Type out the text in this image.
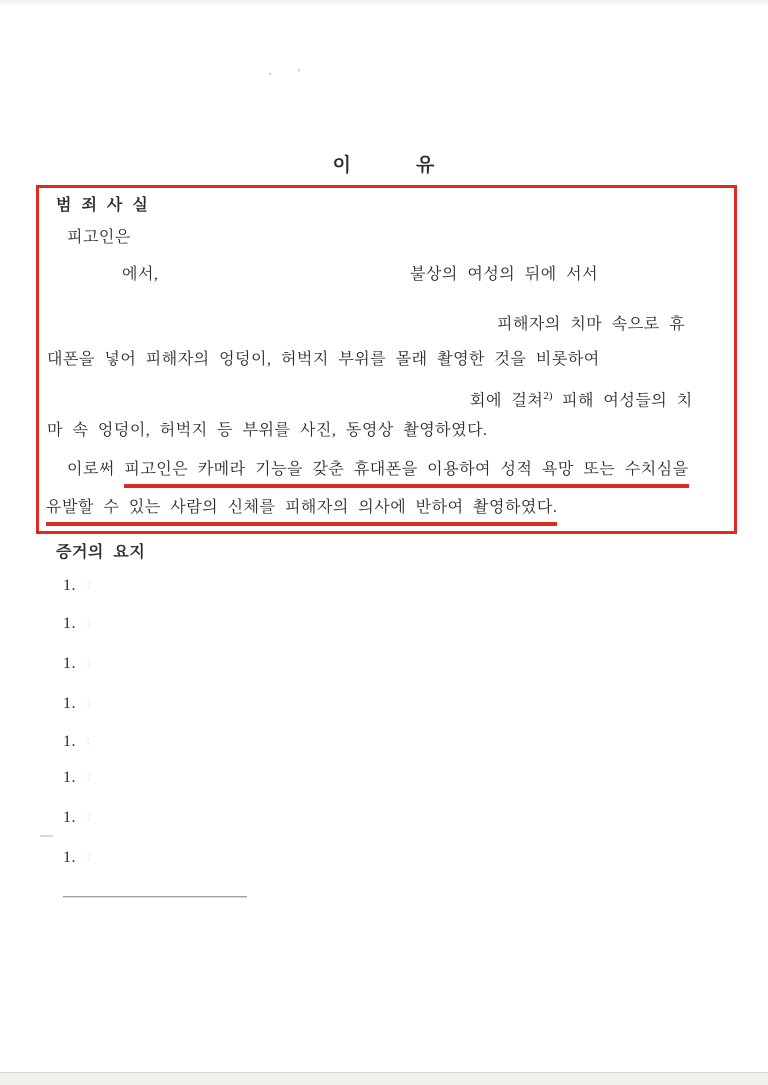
· '
이	유
범 죄 사 실
피고인은
에서,	불상의 여성의 뒤에 서서
피해자의 치마 속으로 휴
대폰을 넣어 피해자의 엉덩이, 허벅지 부위를 몰래 촬영한 것을 비롯하여
회에 걸쳐$^{2)}$ 피해 여성들의 치
마 속 엉덩이, 허벅지 등 부위를 사진, 동영상 촬영하였다.
이로써 피고인은 카메라 기능을 갖춘 휴대폰을 이용하여 성적 욕망 또는 수치심을
유발할 수 있는 사람의 신체를 피해자의 의사에 반하여 촬영하였다.
증거의 요지
1. :
1. :
1. :
1. :
1. :
1. :
1. :
1. :
